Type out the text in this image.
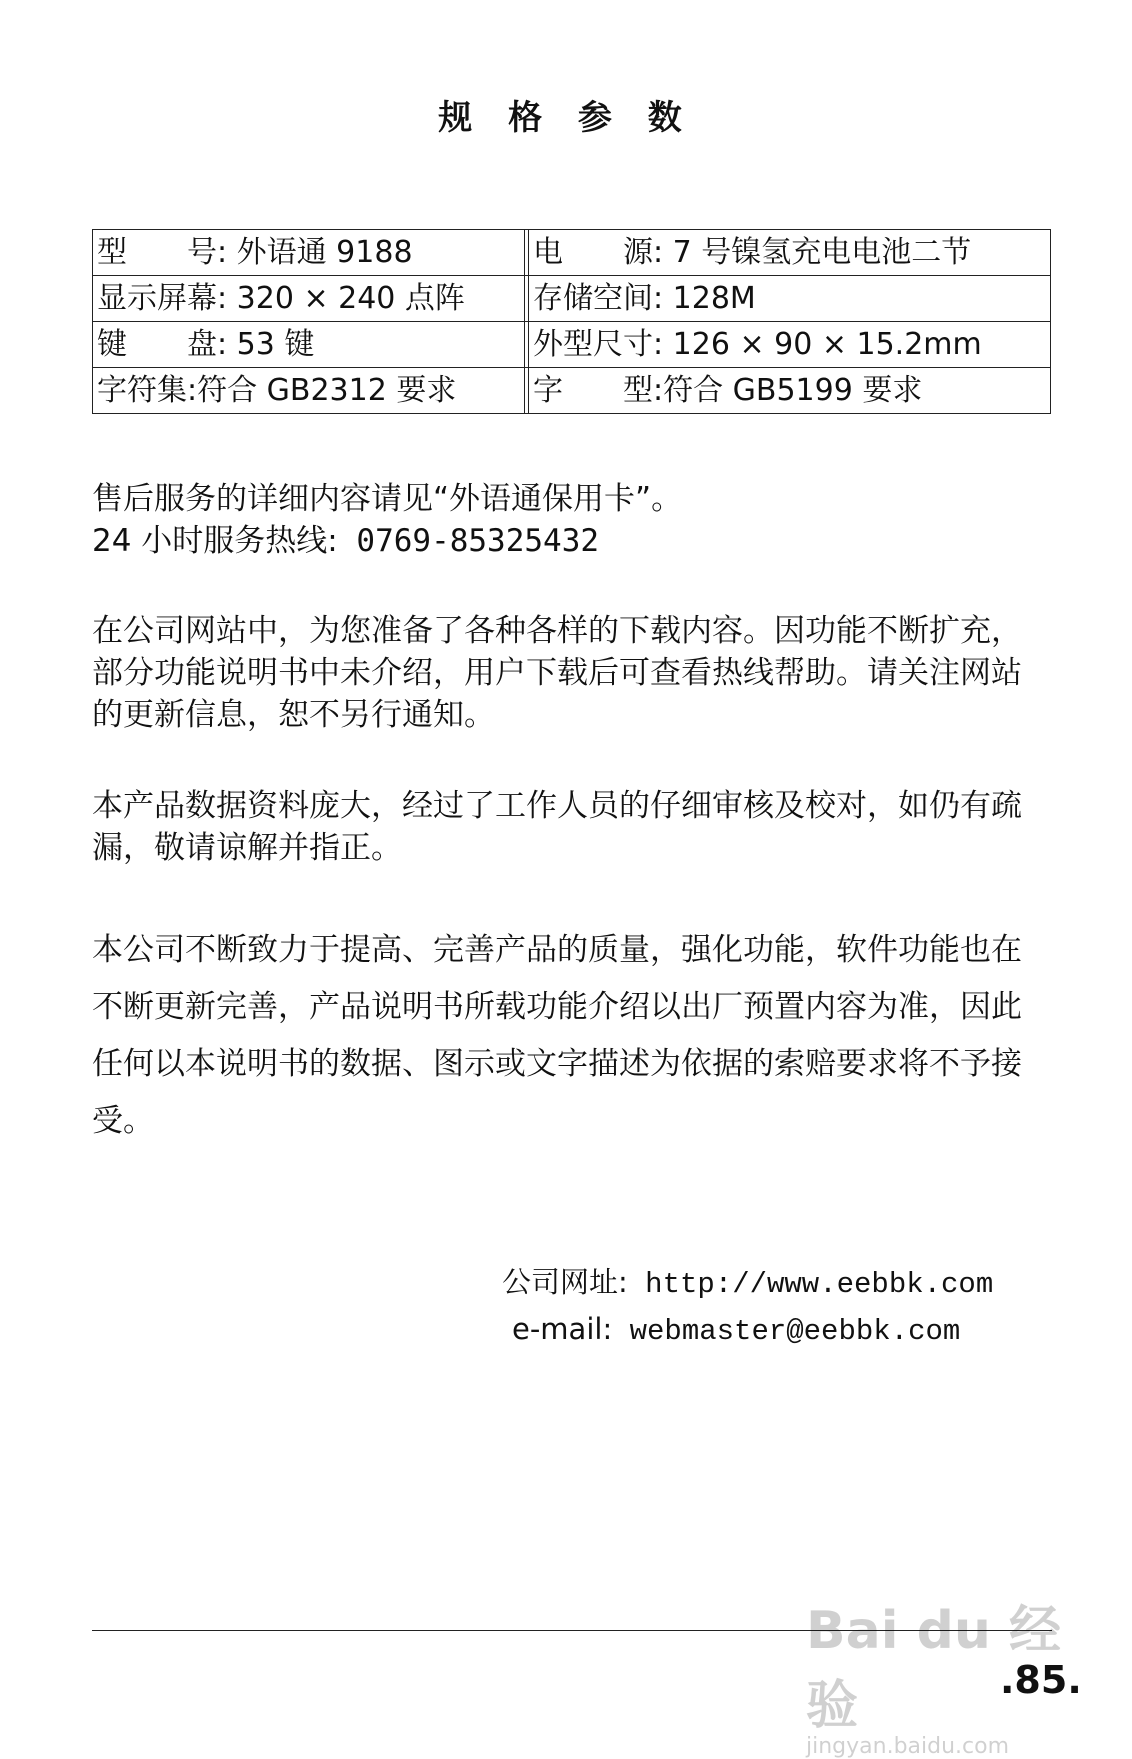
规 格 参 数
型　　号: 外语通 9188		电　　源: 7 号镍氢充电电池二节
显示屏幕: 320 × 240 点阵		存储空间: 128M
键　　盘: 53 键		外型尺寸: 126 × 90 × 15.2mm
字符集:符合 GB2312 要求		字　　型:符合 GB5199 要求
售后服务的详细内容请见“外语通保用卡”。
24 小时服务热线: 0769-85325432

在公司网站中，为您准备了各种各样的下载内容。因功能不断扩充，部分功能说明书中未介绍，用户下载后可查看热线帮助。请关注网站的更新信息，恕不另行通知。

本产品数据资料庞大，经过了工作人员的仔细审核及校对，如仍有疏漏，敬请谅解并指正。

本公司不断致力于提高、完善产品的质量，强化功能，软件功能也在不断更新完善，产品说明书所载功能介绍以出厂预置内容为准，因此任何以本说明书的数据、图示或文字描述为依据的索赔要求将不予接受。

公司网址: http://www.eebbk.com
e-mail: webmaster@eebbk.com
Bai du 经验
jingyan.baidu.com
.85.
